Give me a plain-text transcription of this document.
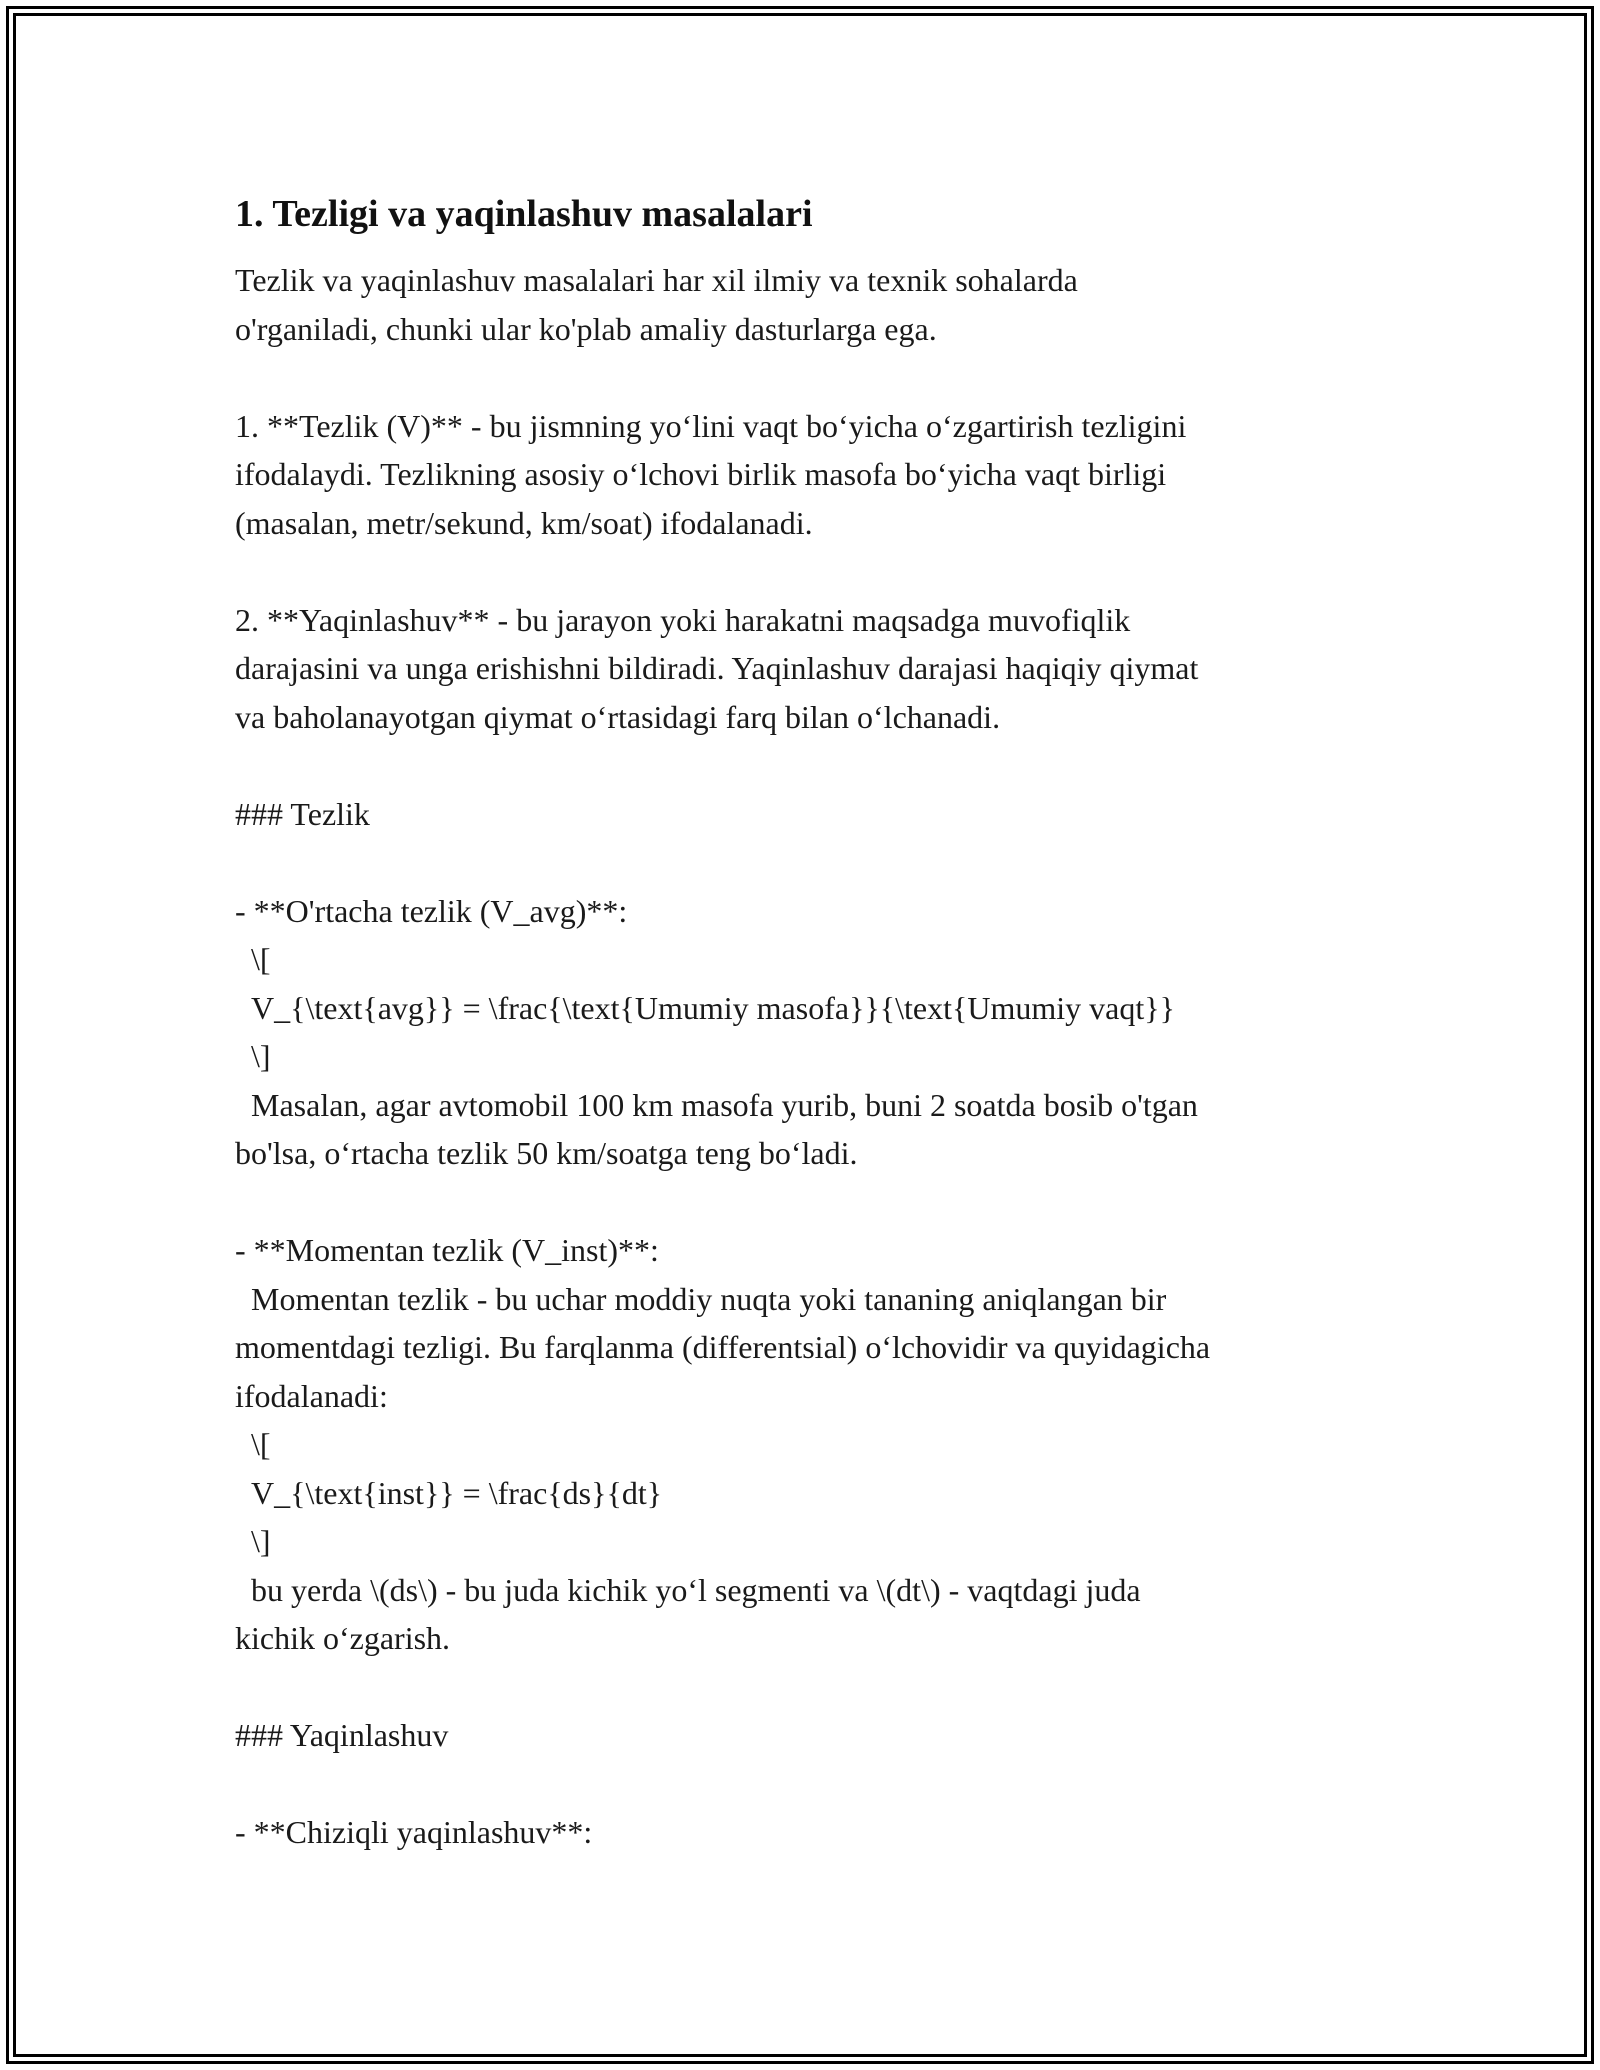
1. Tezligi va yaqinlashuv masalalari

Tezlik va yaqinlashuv masalalari har xil ilmiy va texnik sohalarda

o'rganiladi, chunki ular ko'plab amaliy dasturlarga ega.

1. **Tezlik (V)** - bu jismning yo‘lini vaqt bo‘yicha o‘zgartirish tezligini

ifodalaydi. Tezlikning asosiy o‘lchovi birlik masofa bo‘yicha vaqt birligi

(masalan, metr/sekund, km/soat) ifodalanadi.

2. **Yaqinlashuv** - bu jarayon yoki harakatni maqsadga muvofiqlik

darajasini va unga erishishni bildiradi. Yaqinlashuv darajasi haqiqiy qiymat

va baholanayotgan qiymat o‘rtasidagi farq bilan o‘lchanadi.

### Tezlik

- **O'rtacha tezlik (V_avg)**:

\[

V_{\text{avg}} = \frac{\text{Umumiy masofa}}{\text{Umumiy vaqt}}

\]

Masalan, agar avtomobil 100 km masofa yurib, buni 2 soatda bosib o'tgan

bo'lsa, o‘rtacha tezlik 50 km/soatga teng bo‘ladi.

- **Momentan tezlik (V_inst)**:

Momentan tezlik - bu uchar moddiy nuqta yoki tananing aniqlangan bir

momentdagi tezligi. Bu farqlanma (differentsial) o‘lchovidir va quyidagicha

ifodalanadi:

\[

V_{\text{inst}} = \frac{ds}{dt}

\]

bu yerda \(ds\) - bu juda kichik yo‘l segmenti va \(dt\) - vaqtdagi juda

kichik o‘zgarish.

### Yaqinlashuv

- **Chiziqli yaqinlashuv**:
